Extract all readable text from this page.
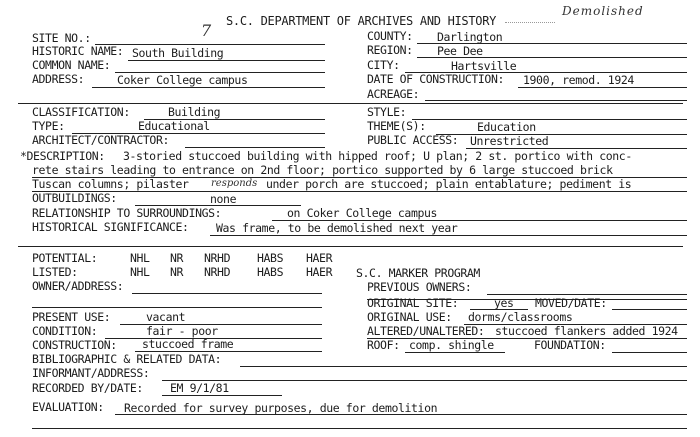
7 S.C. DEPARTMENT OF ARCHIVES AND HISTORY
Demolished
SITE NO.:
HISTORIC NAME: South Building
COMMON NAME:
ADDRESS:	Coker College campus
COUNTY: Darlington
REGION: Pee Dee
CITY:	Hartsville
DATE OF CONSTRUCTION: 1900, remod. 1924
ACREAGE:
CLASSIFICATION:	Building
TYPE:	Educational
ARCHITECT/CONTRACTOR:
STYLE:
THEME(S):	Education
PUBLIC ACCESS: Unrestricted
*DESCRIPTION: 3-storied stuccoed building with hipped roof; U plan; 2 st. portico with conc-
rete stairs leading to entrance on 2nd floor; portico supported by 6 large stuccoed brick
Tuscan columns; pilaster responds under porch are stuccoed; plain entablature; pediment is
OUTBUILDINGS:	none
RELATIONSHIP TO SURROUNDINGS:	on Coker College campus
HISTORICAL SIGNIFICANCE: Was frame, to be demolished next year
POTENTIAL:	NHL NR NRHD HABS HAER
LISTED:	NHL NR NRHD HABS HAER S.C. MARKER PROGRAM
OWNER/ADDRESS:	PREVIOUS OWNERS:
ORIGINAL SITE:	yes MOVED/DATE:
PRESENT USE:	vacant
CONDITION:	fair - poor
CONSTRUCTION: stuccoed frame
ORIGINAL USE: dorms/classrooms
ALTERED/UNALTERED: stuccoed flankers added 1924
ROOF: comp. shingle	FOUNDATION:
BIBLIOGRAPHIC & RELATED DATA:
INFORMANT/ADDRESS:
RECORDED BY/DATE: EM 9/1/81
EVALUATION: Recorded for survey purposes, due for demolition
